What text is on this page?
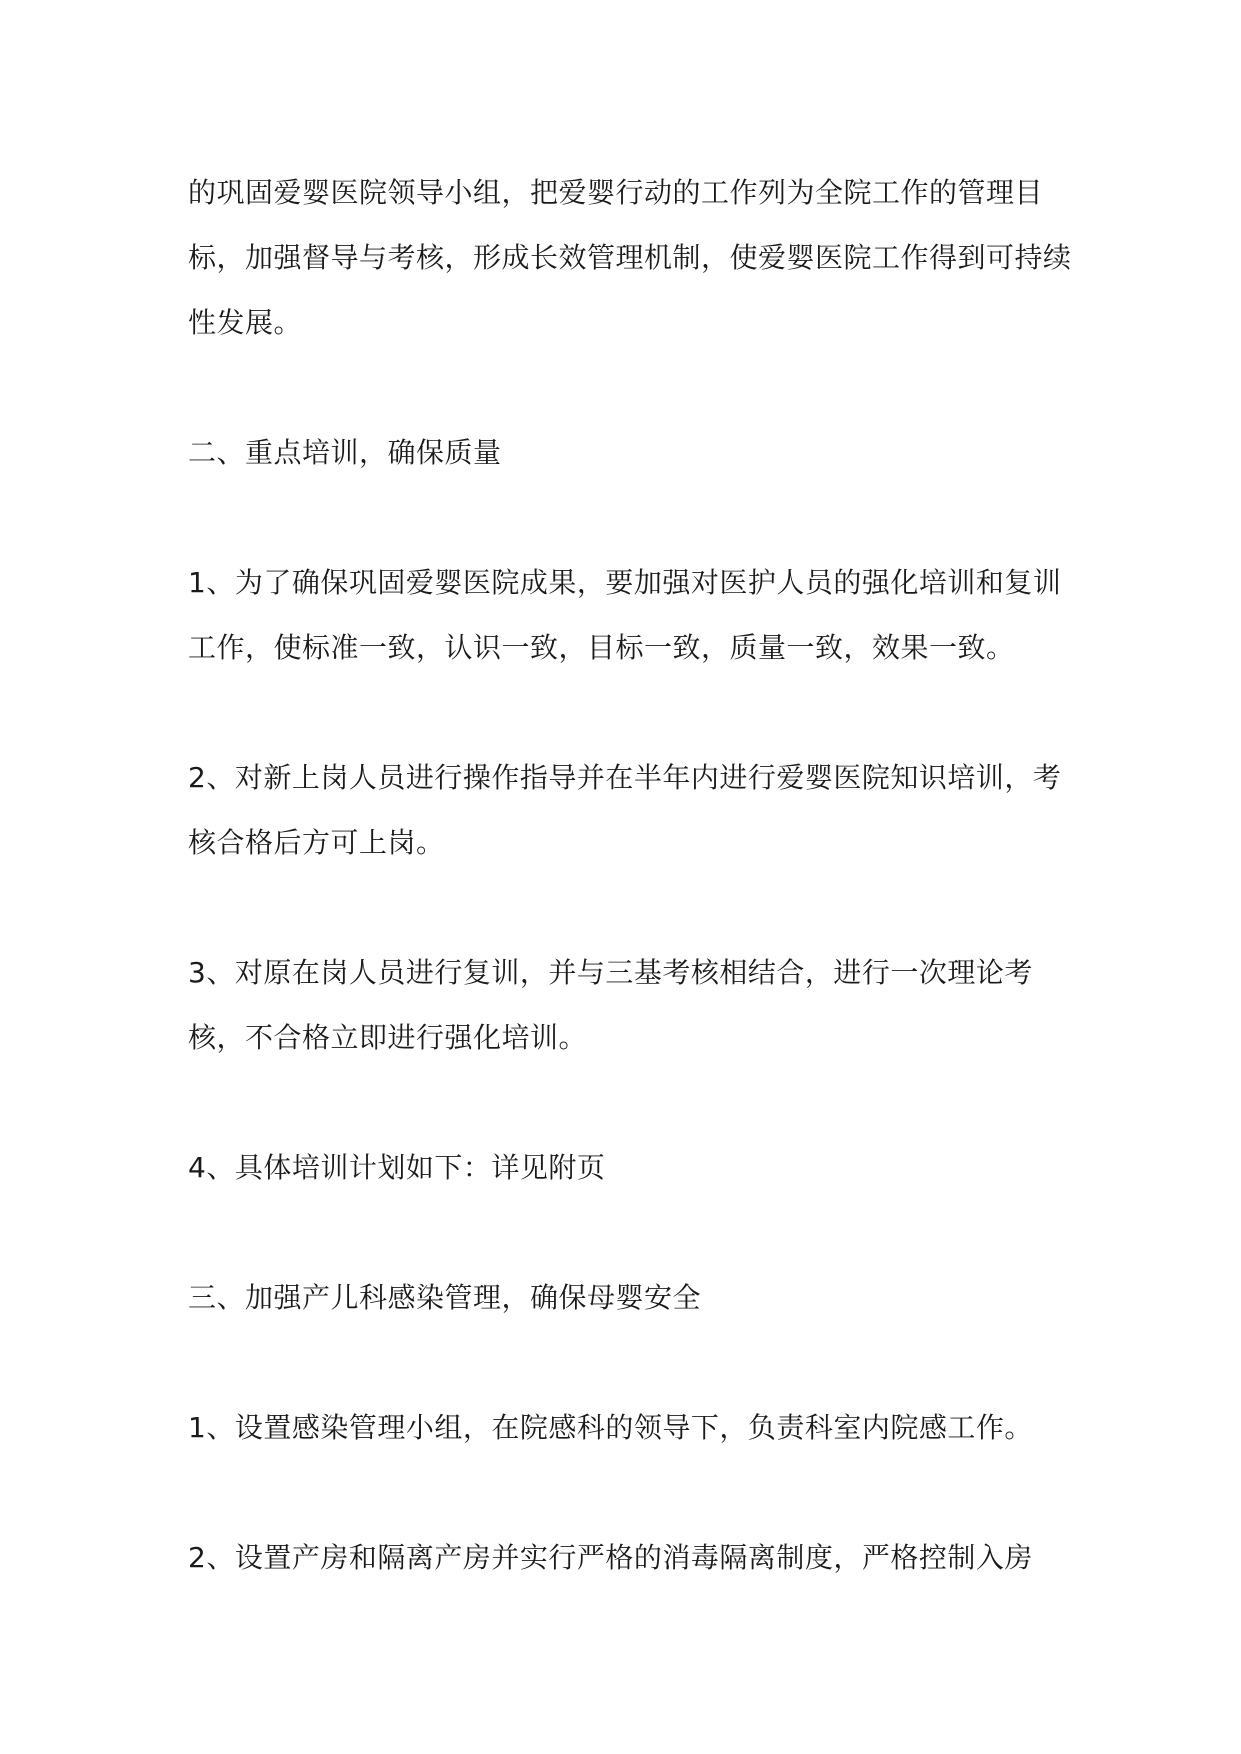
的巩固爱婴医院领导小组，把爱婴行动的工作列为全院工作的管理目标，加强督导与考核，形成长效管理机制，使爱婴医院工作得到可持续性发展。

二、重点培训，确保质量

1、为了确保巩固爱婴医院成果，要加强对医护人员的强化培训和复训工作，使标准一致，认识一致，目标一致，质量一致，效果一致。

2、对新上岗人员进行操作指导并在半年内进行爱婴医院知识培训，考核合格后方可上岗。

3、对原在岗人员进行复训，并与三基考核相结合，进行一次理论考核，不合格立即进行强化培训。

4、具体培训计划如下：详见附页

三、加强产儿科感染管理，确保母婴安全

1、设置感染管理小组，在院感科的领导下，负责科室内院感工作。

2、设置产房和隔离产房并实行严格的消毒隔离制度，严格控制入房
